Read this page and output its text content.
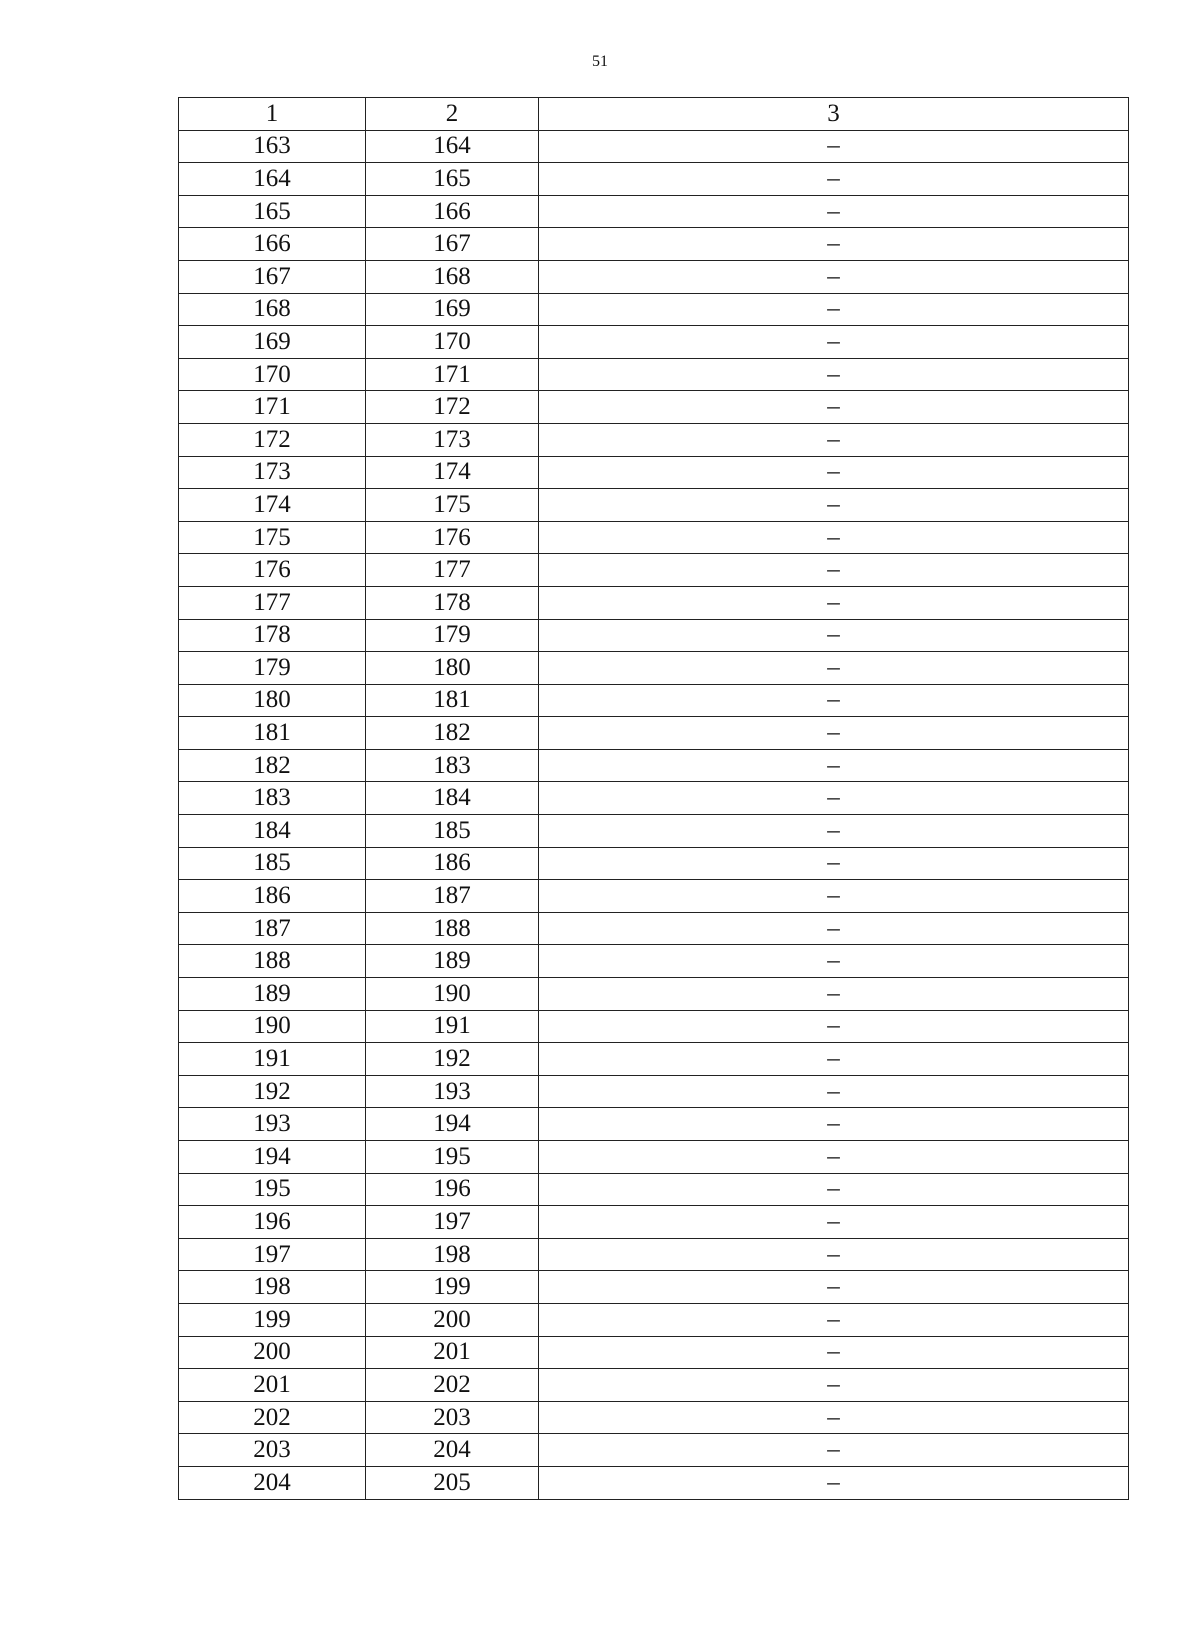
51
1	2	3
163	164	–
164	165	–
165	166	–
166	167	–
167	168	–
168	169	–
169	170	–
170	171	–
171	172	–
172	173	–
173	174	–
174	175	–
175	176	–
176	177	–
177	178	–
178	179	–
179	180	–
180	181	–
181	182	–
182	183	–
183	184	–
184	185	–
185	186	–
186	187	–
187	188	–
188	189	–
189	190	–
190	191	–
191	192	–
192	193	–
193	194	–
194	195	–
195	196	–
196	197	–
197	198	–
198	199	–
199	200	–
200	201	–
201	202	–
202	203	–
203	204	–
204	205	–
